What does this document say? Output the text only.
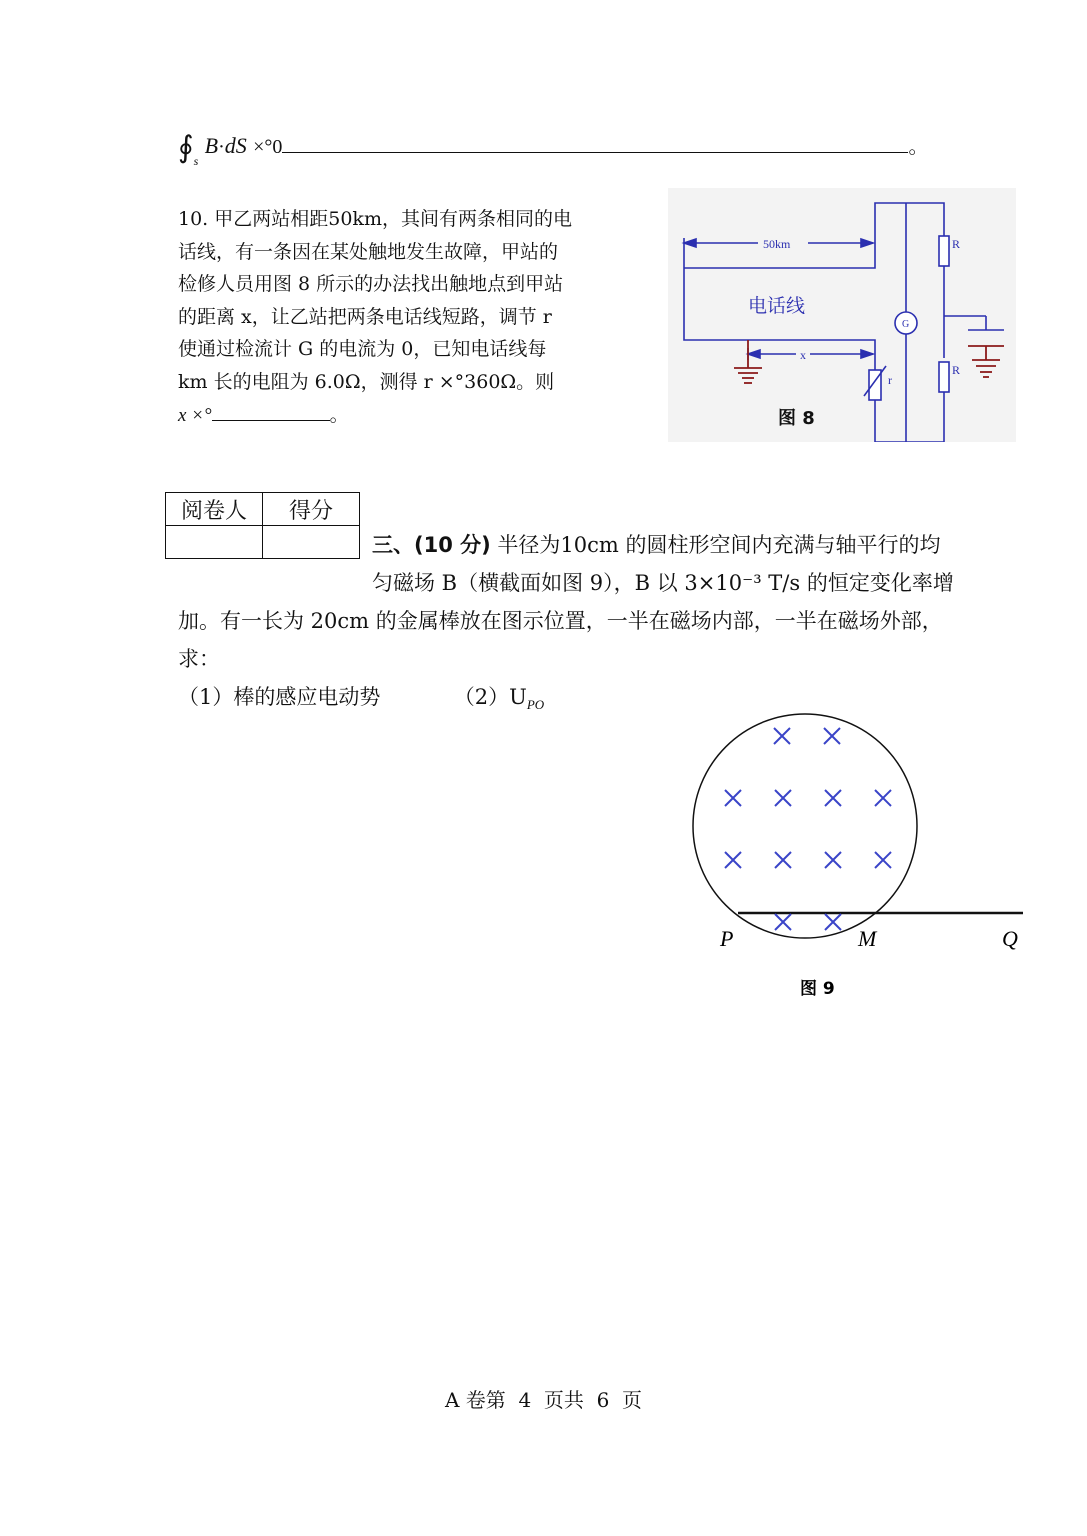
$∮_s$ B·dS ×°0	。
10. 甲乙两站相距50km，其间有两条相同的电
话线，有一条因在某处触地发生故障，甲站的
检修人员用图 8 所示的办法找出触地点到甲站
的距离 x，让乙站把两条电话线短路，调节 r
使通过检流计 G 的电流为 0，已知电话线每
km 长的电阻为 6.0Ω，测得 r ×°360Ω。则
x ×°	。
50km
电话线
x
r
R
R
G
图 8
阅卷人	得分

三、(10 分) 半径为10cm 的圆柱形空间内充满与轴平行的均
匀磁场 B（横截面如图 9），B 以 3×10⁻³ T/s 的恒定变化率增
加。有一长为 20cm 的金属棒放在图示位置，一半在磁场内部，一半在磁场外部，
求：
（1）棒的感应电动势	$(2)U_{PO}$
P	M	Q
图 9
A 卷第  4  页共  6  页
